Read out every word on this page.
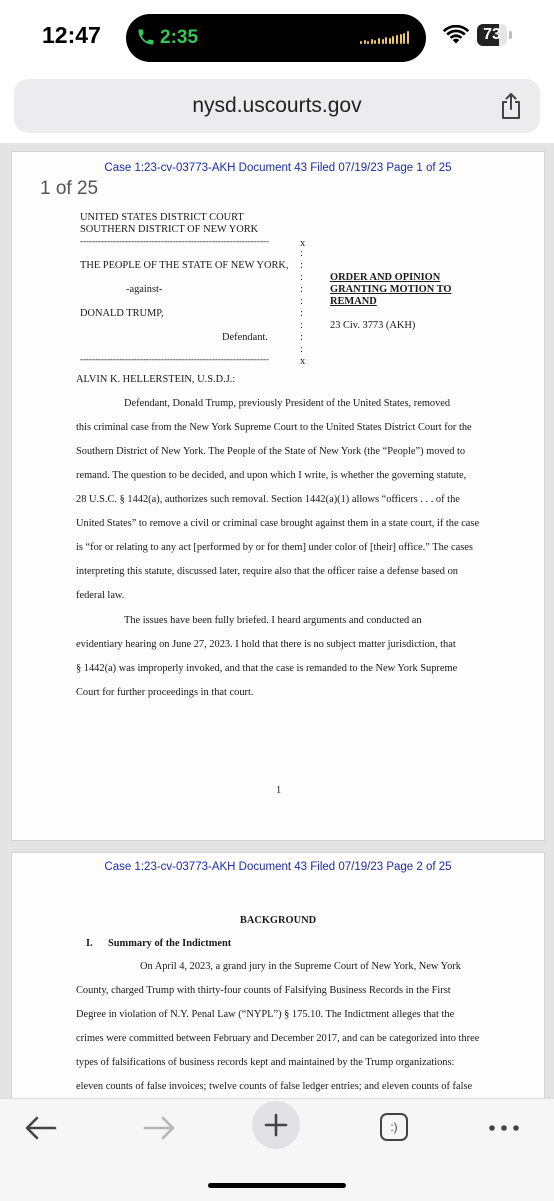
12:47	2:35	73
nysd.uscourts.gov
Case 1:23-cv-03773-AKH Document 43 Filed 07/19/23 Page 1 of 25
UNITED STATES DISTRICT COURT
SOUTHERN DISTRICT OF NEW YORK
---------------------------------------------------------------	x
:
THE PEOPLE OF THE STATE OF NEW YORK, :
:
-against-	:
:
DONALD TRUMP,	:
:
Defendant.	:
:
---------------------------------------------------------------	x
ORDER AND OPINION
GRANTING MOTION TO
REMAND
23 Civ. 3773 (AKH)
ALVIN K. HELLERSTEIN, U.S.D.J.:
Defendant, Donald Trump, previously President of the United States, removed
this criminal case from the New York Supreme Court to the United States District Court for the
Southern District of New York. The People of the State of New York (the “People”) moved to
remand. The question to be decided, and upon which I write, is whether the governing statute,
28 U.S.C. § 1442(a), authorizes such removal. Section 1442(a)(1) allows “officers . . . of the
United States” to remove a civil or criminal case brought against them in a state court, if the case
is “for or relating to any act [performed by or for them] under color of [their] office.” The cases
interpreting this statute, discussed later, require also that the officer raise a defense based on
federal law.
The issues have been fully briefed. I heard arguments and conducted an
evidentiary hearing on June 27, 2023. I hold that there is no subject matter jurisdiction, that
§ 1442(a) was improperly invoked, and that the case is remanded to the New York Supreme
Court for further proceedings in that court.
1
Case 1:23-cv-03773-AKH Document 43 Filed 07/19/23 Page 2 of 25
BACKGROUND
I. Summary of the Indictment
On April 4, 2023, a grand jury in the Supreme Court of New York, New York
County, charged Trump with thirty-four counts of Falsifying Business Records in the First
Degree in violation of N.Y. Penal Law (“NYPL”) § 175.10. The Indictment alleges that the
crimes were committed between February and December 2017, and can be categorized into three
types of falsifications of business records kept and maintained by the Trump organizations:
eleven counts of false invoices; twelve counts of false ledger entries; and eleven counts of false
1 of 25
:)
